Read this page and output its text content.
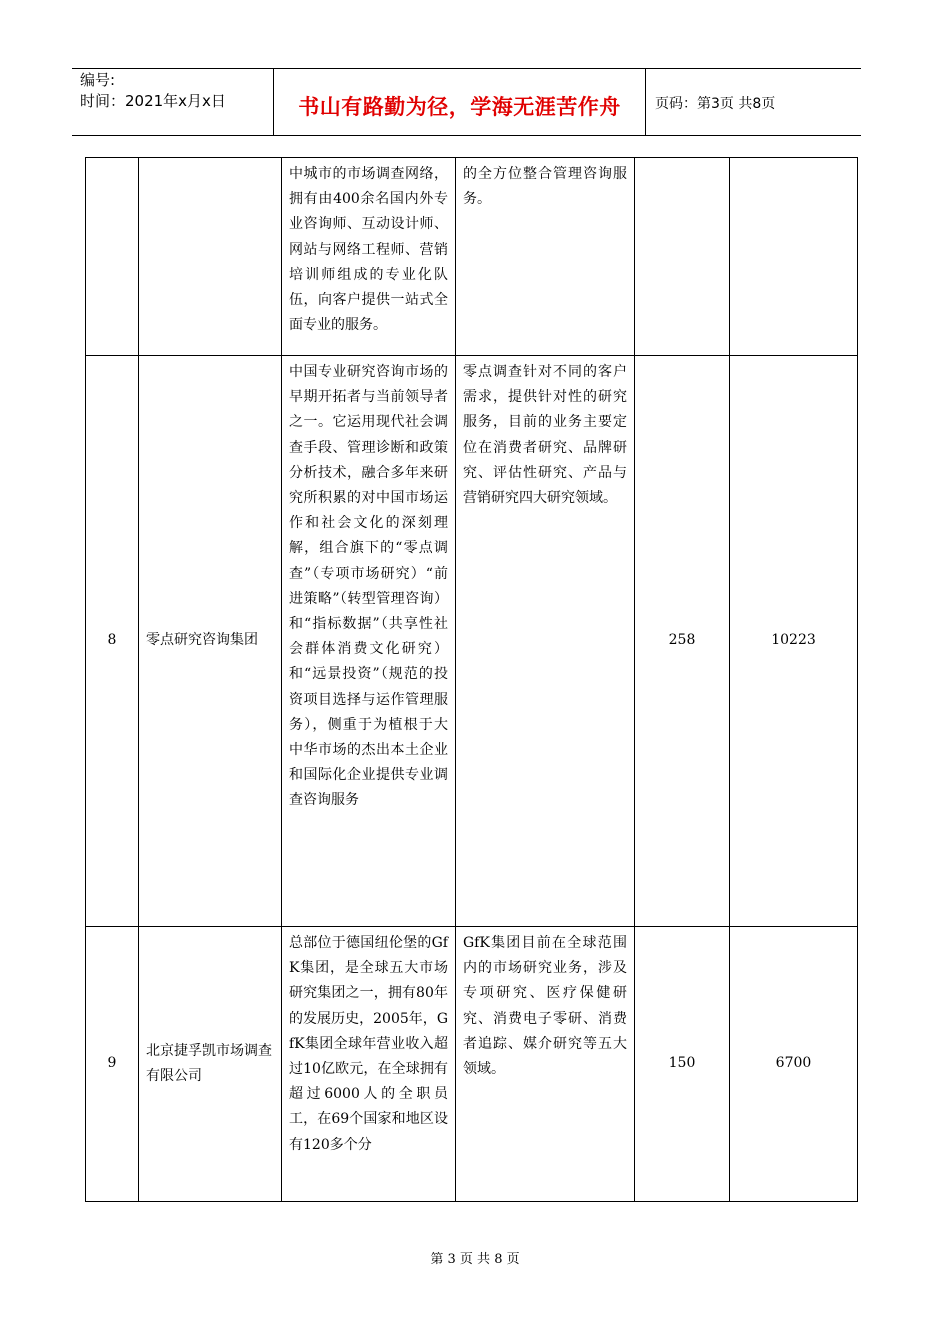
编号:
时间：2021年x月x日	书山有路勤为径，学海无涯苦作舟	页码：第3页 共8页
		中城市的市场调查网络，拥有由400余名国内外专业咨询师、互动设计师、网站与网络工程师、营销培训师组成的专业化队伍，向客户提供一站式全面专业的服务。	的全方位整合管理咨询服务。		
8	零点研究咨询集团	中国专业研究咨询市场的早期开拓者与当前领导者之一。它运用现代社会调查手段、管理诊断和政策分析技术，融合多年来研究所积累的对中国市场运作和社会文化的深刻理解，组合旗下的“零点调查”（专项市场研究）“前进策略”（转型管理咨询）和“指标数据”（共享性社会群体消费文化研究）和“远景投资”（规范的投资项目选择与运作管理服务），侧重于为植根于大中华市场的杰出本土企业和国际化企业提供专业调查咨询服务	零点调查针对不同的客户需求，提供针对性的研究服务，目前的业务主要定位在消费者研究、品牌研究、评估性研究、产品与营销研究四大研究领域。	258	10223
9	北京捷孚凯市场调查有限公司	总部位于德国纽伦堡的GfK集团，是全球五大市场研究集团之一，拥有80年的发展历史，2005年，GfK集团全球年营业收入超过10亿欧元，在全球拥有超过6000人的全职员工，在69个国家和地区设有120多个分	GfK集团目前在全球范围内的市场研究业务，涉及专项研究、医疗保健研究、消费电子零研、消费者追踪、媒介研究等五大领域。	150	6700
第 3 页 共 8 页
